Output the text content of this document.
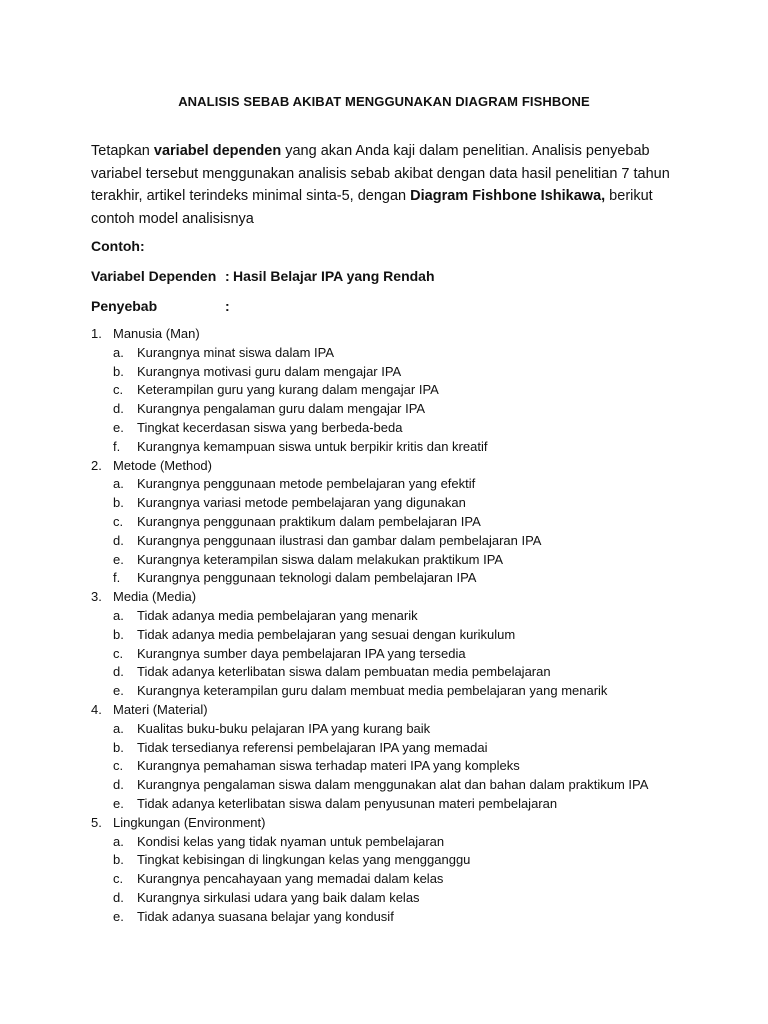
ANALISIS SEBAB AKIBAT MENGGUNAKAN DIAGRAM FISHBONE
Tetapkan variabel dependen yang akan Anda kaji dalam penelitian. Analisis penyebab variabel tersebut menggunakan analisis sebab akibat dengan data hasil penelitian 7 tahun terakhir, artikel terindeks minimal sinta-5, dengan Diagram Fishbone Ishikawa, berikut contoh model analisisnya
Contoh:
Variabel Dependen : Hasil Belajar IPA yang Rendah
Penyebab	:
1. Manusia (Man)
a. Kurangnya minat siswa dalam IPA
b. Kurangnya motivasi guru dalam mengajar IPA
c. Keterampilan guru yang kurang dalam mengajar IPA
d. Kurangnya pengalaman guru dalam mengajar IPA
e. Tingkat kecerdasan siswa yang berbeda-beda
f. Kurangnya kemampuan siswa untuk berpikir kritis dan kreatif
2. Metode (Method)
a. Kurangnya penggunaan metode pembelajaran yang efektif
b. Kurangnya variasi metode pembelajaran yang digunakan
c. Kurangnya penggunaan praktikum dalam pembelajaran IPA
d. Kurangnya penggunaan ilustrasi dan gambar dalam pembelajaran IPA
e. Kurangnya keterampilan siswa dalam melakukan praktikum IPA
f. Kurangnya penggunaan teknologi dalam pembelajaran IPA
3. Media (Media)
a. Tidak adanya media pembelajaran yang menarik
b. Tidak adanya media pembelajaran yang sesuai dengan kurikulum
c. Kurangnya sumber daya pembelajaran IPA yang tersedia
d. Tidak adanya keterlibatan siswa dalam pembuatan media pembelajaran
e. Kurangnya keterampilan guru dalam membuat media pembelajaran yang menarik
4. Materi (Material)
a. Kualitas buku-buku pelajaran IPA yang kurang baik
b. Tidak tersedianya referensi pembelajaran IPA yang memadai
c. Kurangnya pemahaman siswa terhadap materi IPA yang kompleks
d. Kurangnya pengalaman siswa dalam menggunakan alat dan bahan dalam praktikum IPA
e. Tidak adanya keterlibatan siswa dalam penyusunan materi pembelajaran
5. Lingkungan (Environment)
a. Kondisi kelas yang tidak nyaman untuk pembelajaran
b. Tingkat kebisingan di lingkungan kelas yang mengganggu
c. Kurangnya pencahayaan yang memadai dalam kelas
d. Kurangnya sirkulasi udara yang baik dalam kelas
e. Tidak adanya suasana belajar yang kondusif
